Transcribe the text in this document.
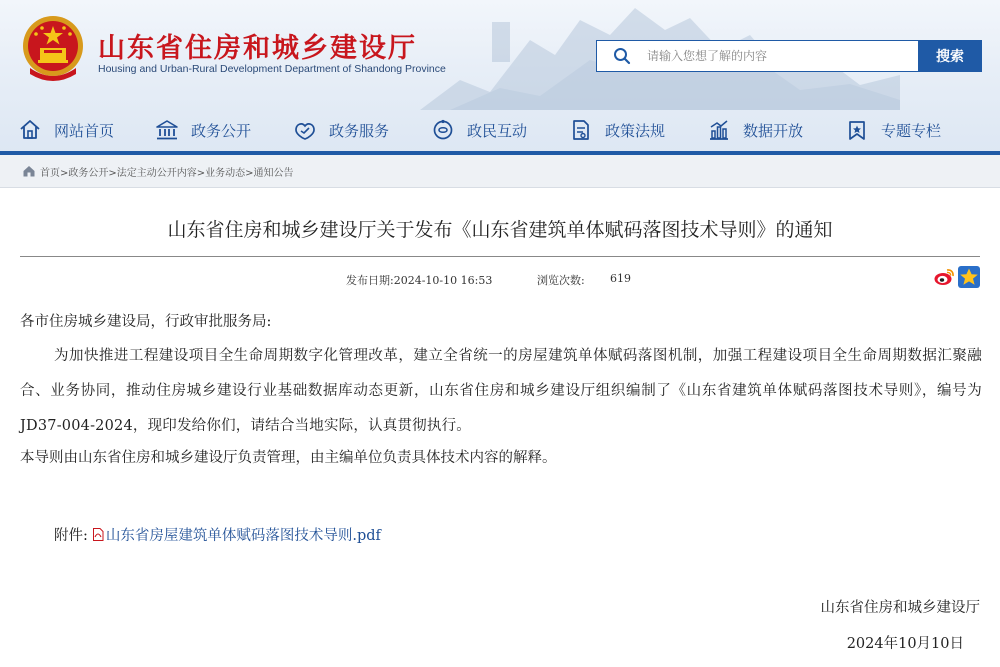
山东省住房和城乡建设厅
Housing and Urban-Rural Development Department of Shandong Province
请输入您想了解的内容
搜索
网站首页	政务公开	政务服务	政民互动	政策法规	数据开放	专题专栏
首页>政务公开>法定主动公开内容>业务动态>通知公告
山东省住房和城乡建设厅关于发布《山东省建筑单体赋码落图技术导则》的通知
发布日期:2024-10-10 16:53	浏览次数: 619

各市住房城乡建设局，行政审批服务局:

为加快推进工程建设项目全生命周期数字化管理改革，建立全省统一的房屋建筑单体赋码落图机制，加强工程建设项目全生命周期数据汇聚融合、业务协同，推动住房城乡建设行业基础数据库动态更新，山东省住房和城乡建设厅组织编制了《山东省建筑单体赋码落图技术导则》，编号为JD37-004-2024，现印发给你们，请结合当地实际，认真贯彻执行。

本导则由山东省住房和城乡建设厅负责管理，由主编单位负责具体技术内容的解释。

附件: 山东省房屋建筑单体赋码落图技术导则.pdf
山东省住房和城乡建设厅
2024年10月10日
